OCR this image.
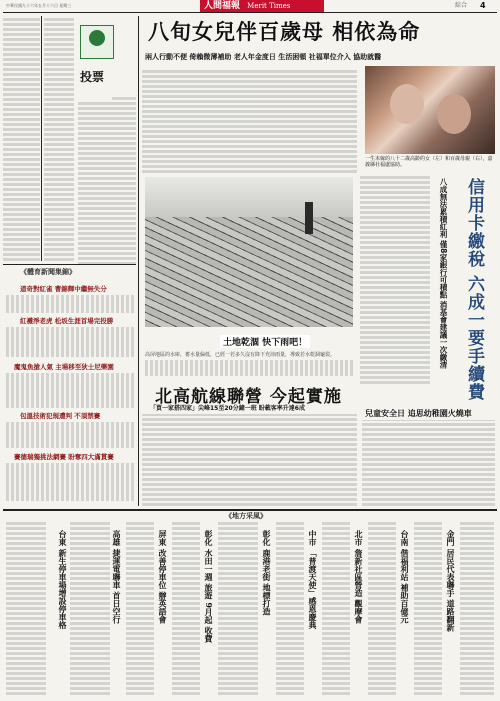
中華民國九十六年五月十六日 星期三	人間福報 Merit Times	綜合 4
投票
《體育新聞集錦》
道奇對紅雀 曹錦輝中繼無失分
紅襪淨老虎 松坂生涯首場完投勝
魔鬼魚搶人氣 主場移至狄士尼樂園
包溫技術犯規遭判 不須禁賽
賽德瑞獨挑法網賽 盼奪四大滿貫賽
八旬女兒伴百歲母 相依為命
兩人行動不便 倚賴微薄補助 老人年金度日 生活困頓 社福單位介入 協助就醫
一生未嫁的八十二歲高齡的女（左）和百歲母親（右），嘉義縣社福處協助。
土地乾涸 快下雨吧！
高屏地區的水庫，蓄水量偏低，已經一若多久沒有降下充沛雨量，導致若水乾涸龜裂。	信用卡繳稅 六成一要手續費
八成無法累積紅利 僅8家銀行可積點 消基會建議一次繳清
北高航線聯營 今起實施
「買一家搭四家」尖峰15至20分鐘一班 盼載客率升達6成	兒童安全日 追思幼稚園火燒車
《地方采風》
台東 新生停車場增設停車格	高雄 捷運電聯車 首日空行	屏東 改善停車位 辦英語會	彰化 水田一週 旅遊 9月起 收費	彰化 鹿港老街 地標打造	中市 「普渡天使」感恩慶典	北市 詹新社區營造 觀摩會	台南 偕福利站 補助百億元	金門 居民代表聯手 道路翻新
